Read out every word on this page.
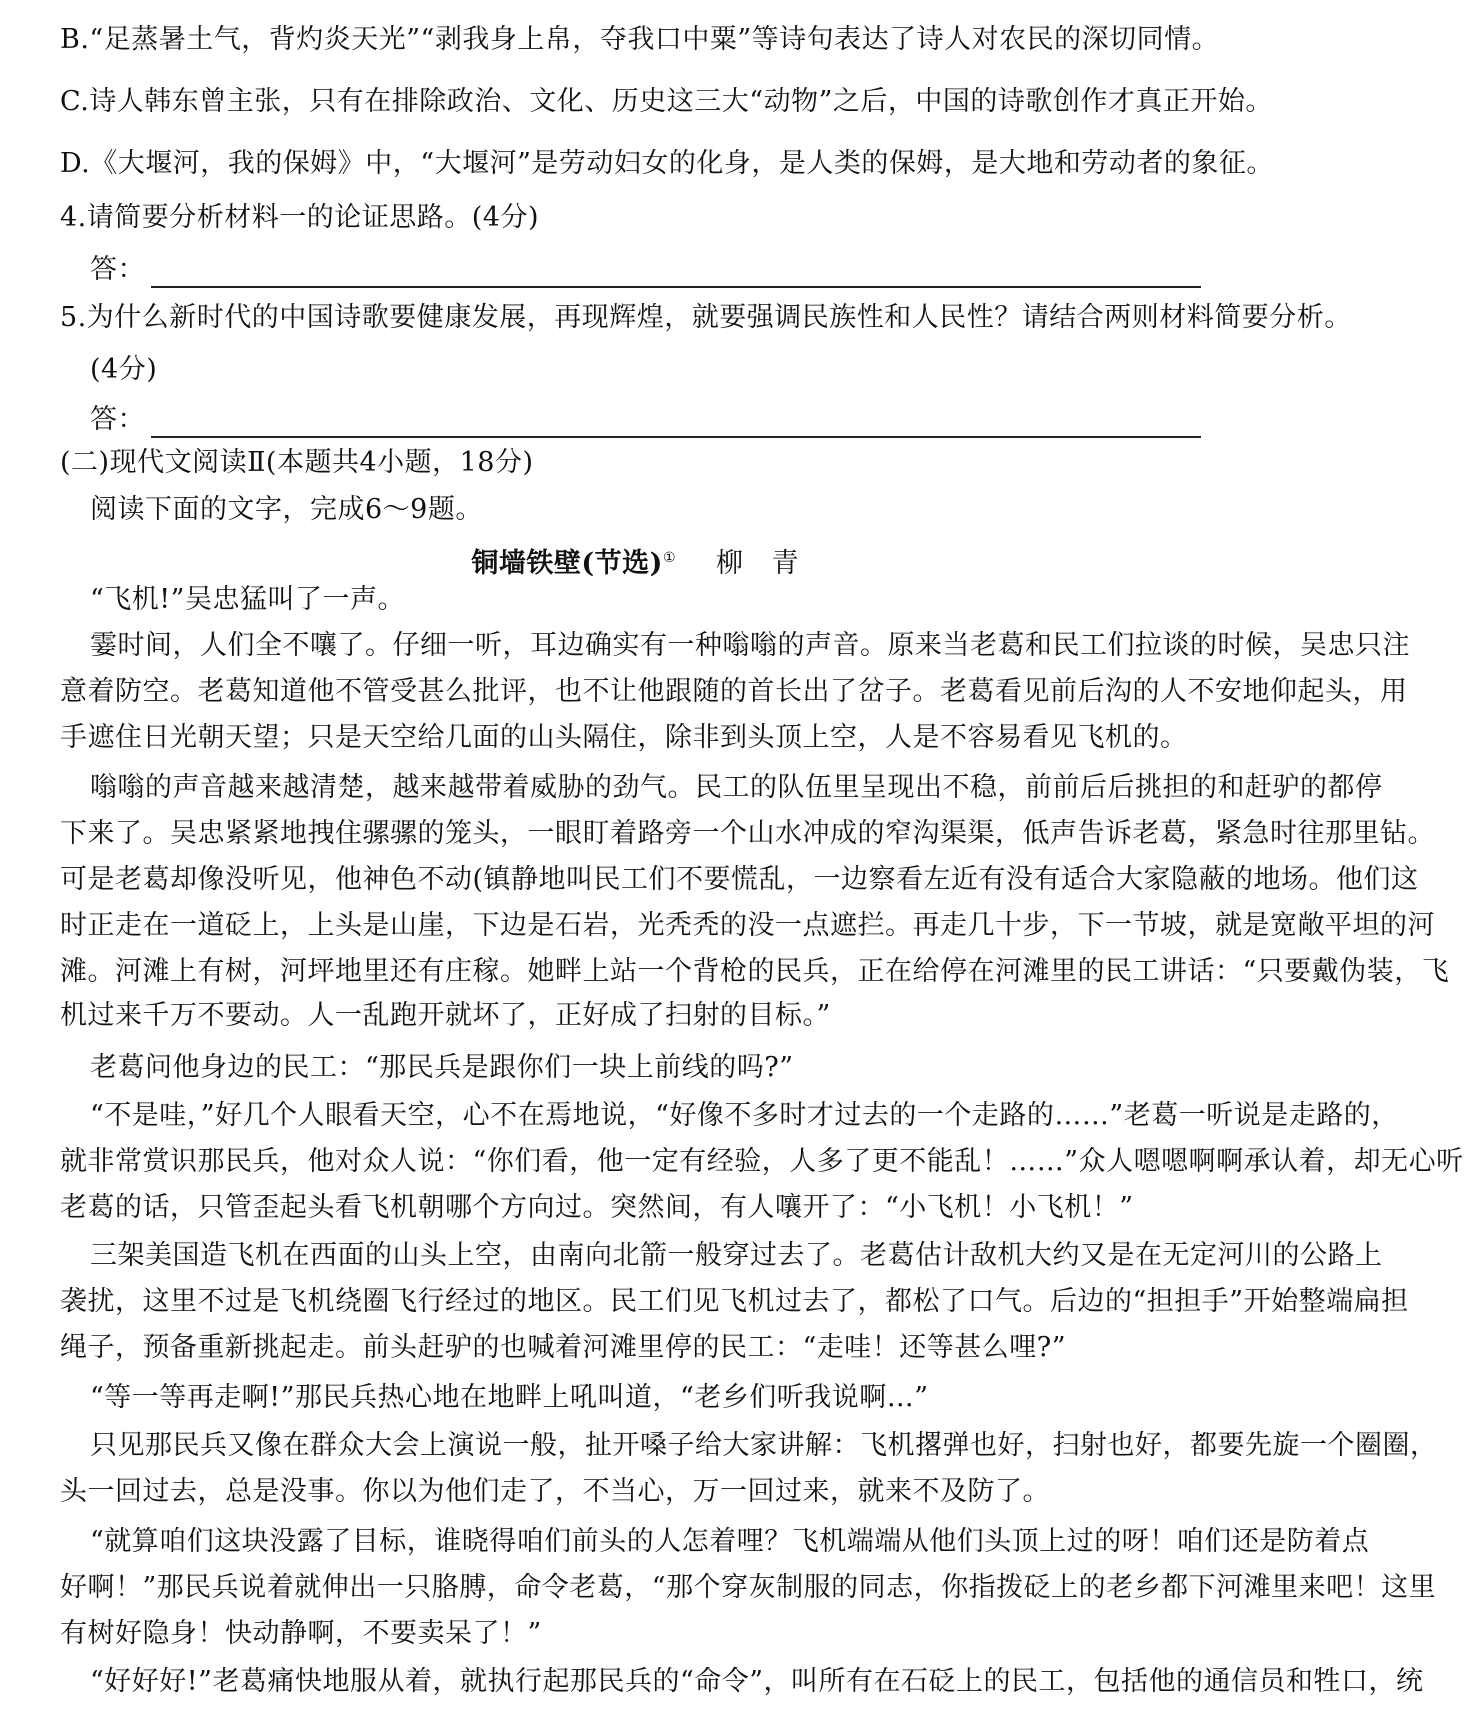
B.“足蒸暑土气，背灼炎天光”“剥我身上帛，夺我口中粟”等诗句表达了诗人对农民的深切同情。
C.诗人韩东曾主张，只有在排除政治、文化、历史这三大“动物”之后，中国的诗歌创作才真正开始。
D.《大堰河，我的保姆》中，“大堰河”是劳动妇女的化身，是人类的保姆，是大地和劳动者的象征。
4.请简要分析材料一的论证思路。(4分)
答：
5.为什么新时代的中国诗歌要健康发展，再现辉煌，就要强调民族性和人民性？请结合两则材料简要分析。
(4分)
答：
(二)现代文阅读Ⅱ(本题共4小题，18分)
阅读下面的文字，完成6～9题。
铜墙铁壁(节选)① 柳 青
“飞机!”吴忠猛叫了一声。
霎时间，人们全不嚷了。仔细一听，耳边确实有一种嗡嗡的声音。原来当老葛和民工们拉谈的时候，吴忠只注
意着防空。老葛知道他不管受甚么批评，也不让他跟随的首长出了岔子。老葛看见前后沟的人不安地仰起头，用
手遮住日光朝天望；只是天空给几面的山头隔住，除非到头顶上空，人是不容易看见飞机的。
嗡嗡的声音越来越清楚，越来越带着威胁的劲气。民工的队伍里呈现出不稳，前前后后挑担的和赶驴的都停
下来了。吴忠紧紧地拽住骡骡的笼头，一眼盯着路旁一个山水冲成的窄沟渠渠，低声告诉老葛，紧急时往那里钻。
可是老葛却像没听见，他神色不动(镇静地叫民工们不要慌乱，一边察看左近有没有适合大家隐蔽的地场。他们这
时正走在一道砭上，上头是山崖，下边是石岩，光秃秃的没一点遮拦。再走几十步，下一节坡，就是宽敞平坦的河
滩。河滩上有树，河坪地里还有庄稼。她畔上站一个背枪的民兵，正在给停在河滩里的民工讲话：“只要戴伪装，飞
机过来千万不要动。人一乱跑开就坏了，正好成了扫射的目标。”
老葛问他身边的民工：“那民兵是跟你们一块上前线的吗?”
“不是哇，”好几个人眼看天空，心不在焉地说，“好像不多时才过去的一个走路的……”老葛一听说是走路的，
就非常赏识那民兵，他对众人说：“你们看，他一定有经验，人多了更不能乱！……”众人嗯嗯啊啊承认着，却无心听
老葛的话，只管歪起头看飞机朝哪个方向过。突然间，有人嚷开了：“小飞机！小飞机！”
三架美国造飞机在西面的山头上空，由南向北箭一般穿过去了。老葛估计敌机大约又是在无定河川的公路上
袭扰，这里不过是飞机绕圈飞行经过的地区。民工们见飞机过去了，都松了口气。后边的“担担手”开始整端扁担
绳子，预备重新挑起走。前头赶驴的也喊着河滩里停的民工：“走哇！还等甚么哩?”
“等一等再走啊!”那民兵热心地在地畔上吼叫道，“老乡们听我说啊…”
只见那民兵又像在群众大会上演说一般，扯开嗓子给大家讲解：飞机撂弹也好，扫射也好，都要先旋一个圈圈，
头一回过去，总是没事。你以为他们走了，不当心，万一回过来，就来不及防了。
“就算咱们这块没露了目标，谁晓得咱们前头的人怎着哩？飞机端端从他们头顶上过的呀！咱们还是防着点
好啊！”那民兵说着就伸出一只胳膊，命令老葛，“那个穿灰制服的同志，你指拨砭上的老乡都下河滩里来吧！这里
有树好隐身！快动静啊，不要卖呆了！”
“好好好!”老葛痛快地服从着，就执行起那民兵的“命令”，叫所有在石砭上的民工，包括他的通信员和牲口，统
